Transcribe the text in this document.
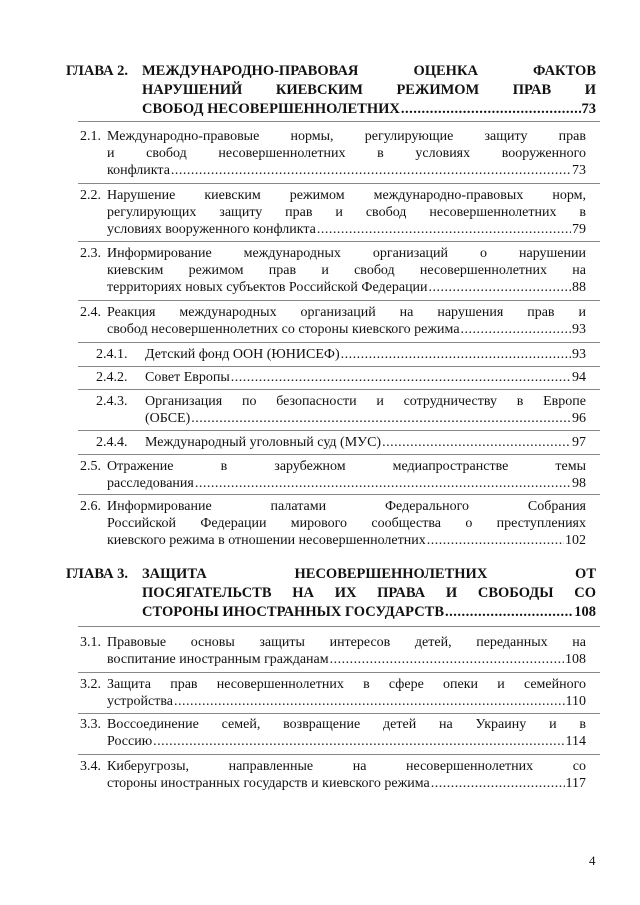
ГЛАВА 2. МЕЖДУНАРОДНО-ПРАВОВАЯ ОЦЕНКА ФАКТОВ
НАРУШЕНИЙ КИЕВСКИМ РЕЖИМОМ ПРАВ И
СВОБОД НЕСОВЕРШЕННОЛЕТНИХ .....	73
2.1. Международно-правовые нормы, регулирующие защиту прав
и свобод несовершеннолетних в условиях вооруженного
конфликта .....	73
2.2. Нарушение киевским режимом международно-правовых норм,
регулирующих защиту прав и свобод несовершеннолетних в
условиях вооруженного конфликта .....	79
2.3. Информирование международных организаций о нарушении
киевским режимом прав и свобод несовершеннолетних на
территориях новых субъектов Российской Федерации .....	88
2.4. Реакция международных организаций на нарушения прав и
свобод несовершеннолетних со стороны киевского режима .....	93
2.4.1. Детский фонд ООН (ЮНИСЕФ) .....	93
2.4.2. Совет Европы .....	94
2.4.3. Организация по безопасности и сотрудничеству в Европе
(ОБСЕ) .....	96
2.4.4. Международный уголовный суд (МУС) .....	97
2.5. Отражение в зарубежном медиапространстве темы
расследования .....	98
2.6. Информирование палатами Федерального Собрания
Российской Федерации мирового сообщества о преступлениях
киевского режима в отношении несовершеннолетних .....	102
ГЛАВА 3. ЗАЩИТА НЕСОВЕРШЕННОЛЕТНИХ ОТ
ПОСЯГАТЕЛЬСТВ НА ИХ ПРАВА И СВОБОДЫ СО
СТОРОНЫ ИНОСТРАННЫХ ГОСУДАРСТВ .....	108
3.1. Правовые основы защиты интересов детей, переданных на
воспитание иностранным гражданам .....	108
3.2. Защита прав несовершеннолетних в сфере опеки и семейного
устройства .....	110
3.3. Воссоединение семей, возвращение детей на Украину и в
Россию .....	114
3.4. Киберугрозы, направленные на несовершеннолетних со
стороны иностранных государств и киевского режима .....	117
4
